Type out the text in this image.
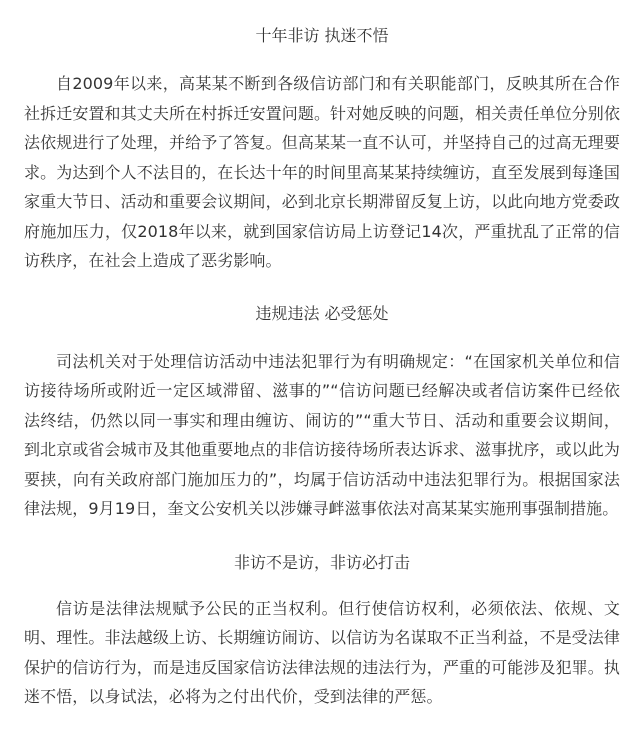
十年非访 执迷不悟

自2009年以来，高某某不断到各级信访部门和有关职能部门，反映其所在合作社拆迁安置和其丈夫所在村拆迁安置问题。针对她反映的问题，相关责任单位分别依法依规进行了处理，并给予了答复。但高某某一直不认可，并坚持自己的过高无理要求。为达到个人不法目的，在长达十年的时间里高某某持续缠访，直至发展到每逢国家重大节日、活动和重要会议期间，必到北京长期滞留反复上访，以此向地方党委政府施加压力，仅2018年以来，就到国家信访局上访登记14次，严重扰乱了正常的信访秩序，在社会上造成了恶劣影响。

违规违法 必受惩处

司法机关对于处理信访活动中违法犯罪行为有明确规定：“在国家机关单位和信访接待场所或附近一定区域滞留、滋事的”“信访问题已经解决或者信访案件已经依法终结，仍然以同一事实和理由缠访、闹访的”“重大节日、活动和重要会议期间，到北京或省会城市及其他重要地点的非信访接待场所表达诉求、滋事扰序，或以此为要挟，向有关政府部门施加压力的”，均属于信访活动中违法犯罪行为。根据国家法律法规，9月19日，奎文公安机关以涉嫌寻衅滋事依法对高某某实施刑事强制措施。

非访不是访，非访必打击

信访是法律法规赋予公民的正当权利。但行使信访权利，必须依法、依规、文明、理性。非法越级上访、长期缠访闹访、以信访为名谋取不正当利益，不是受法律保护的信访行为，而是违反国家信访法律法规的违法行为，严重的可能涉及犯罪。执迷不悟，以身试法，必将为之付出代价，受到法律的严惩。
